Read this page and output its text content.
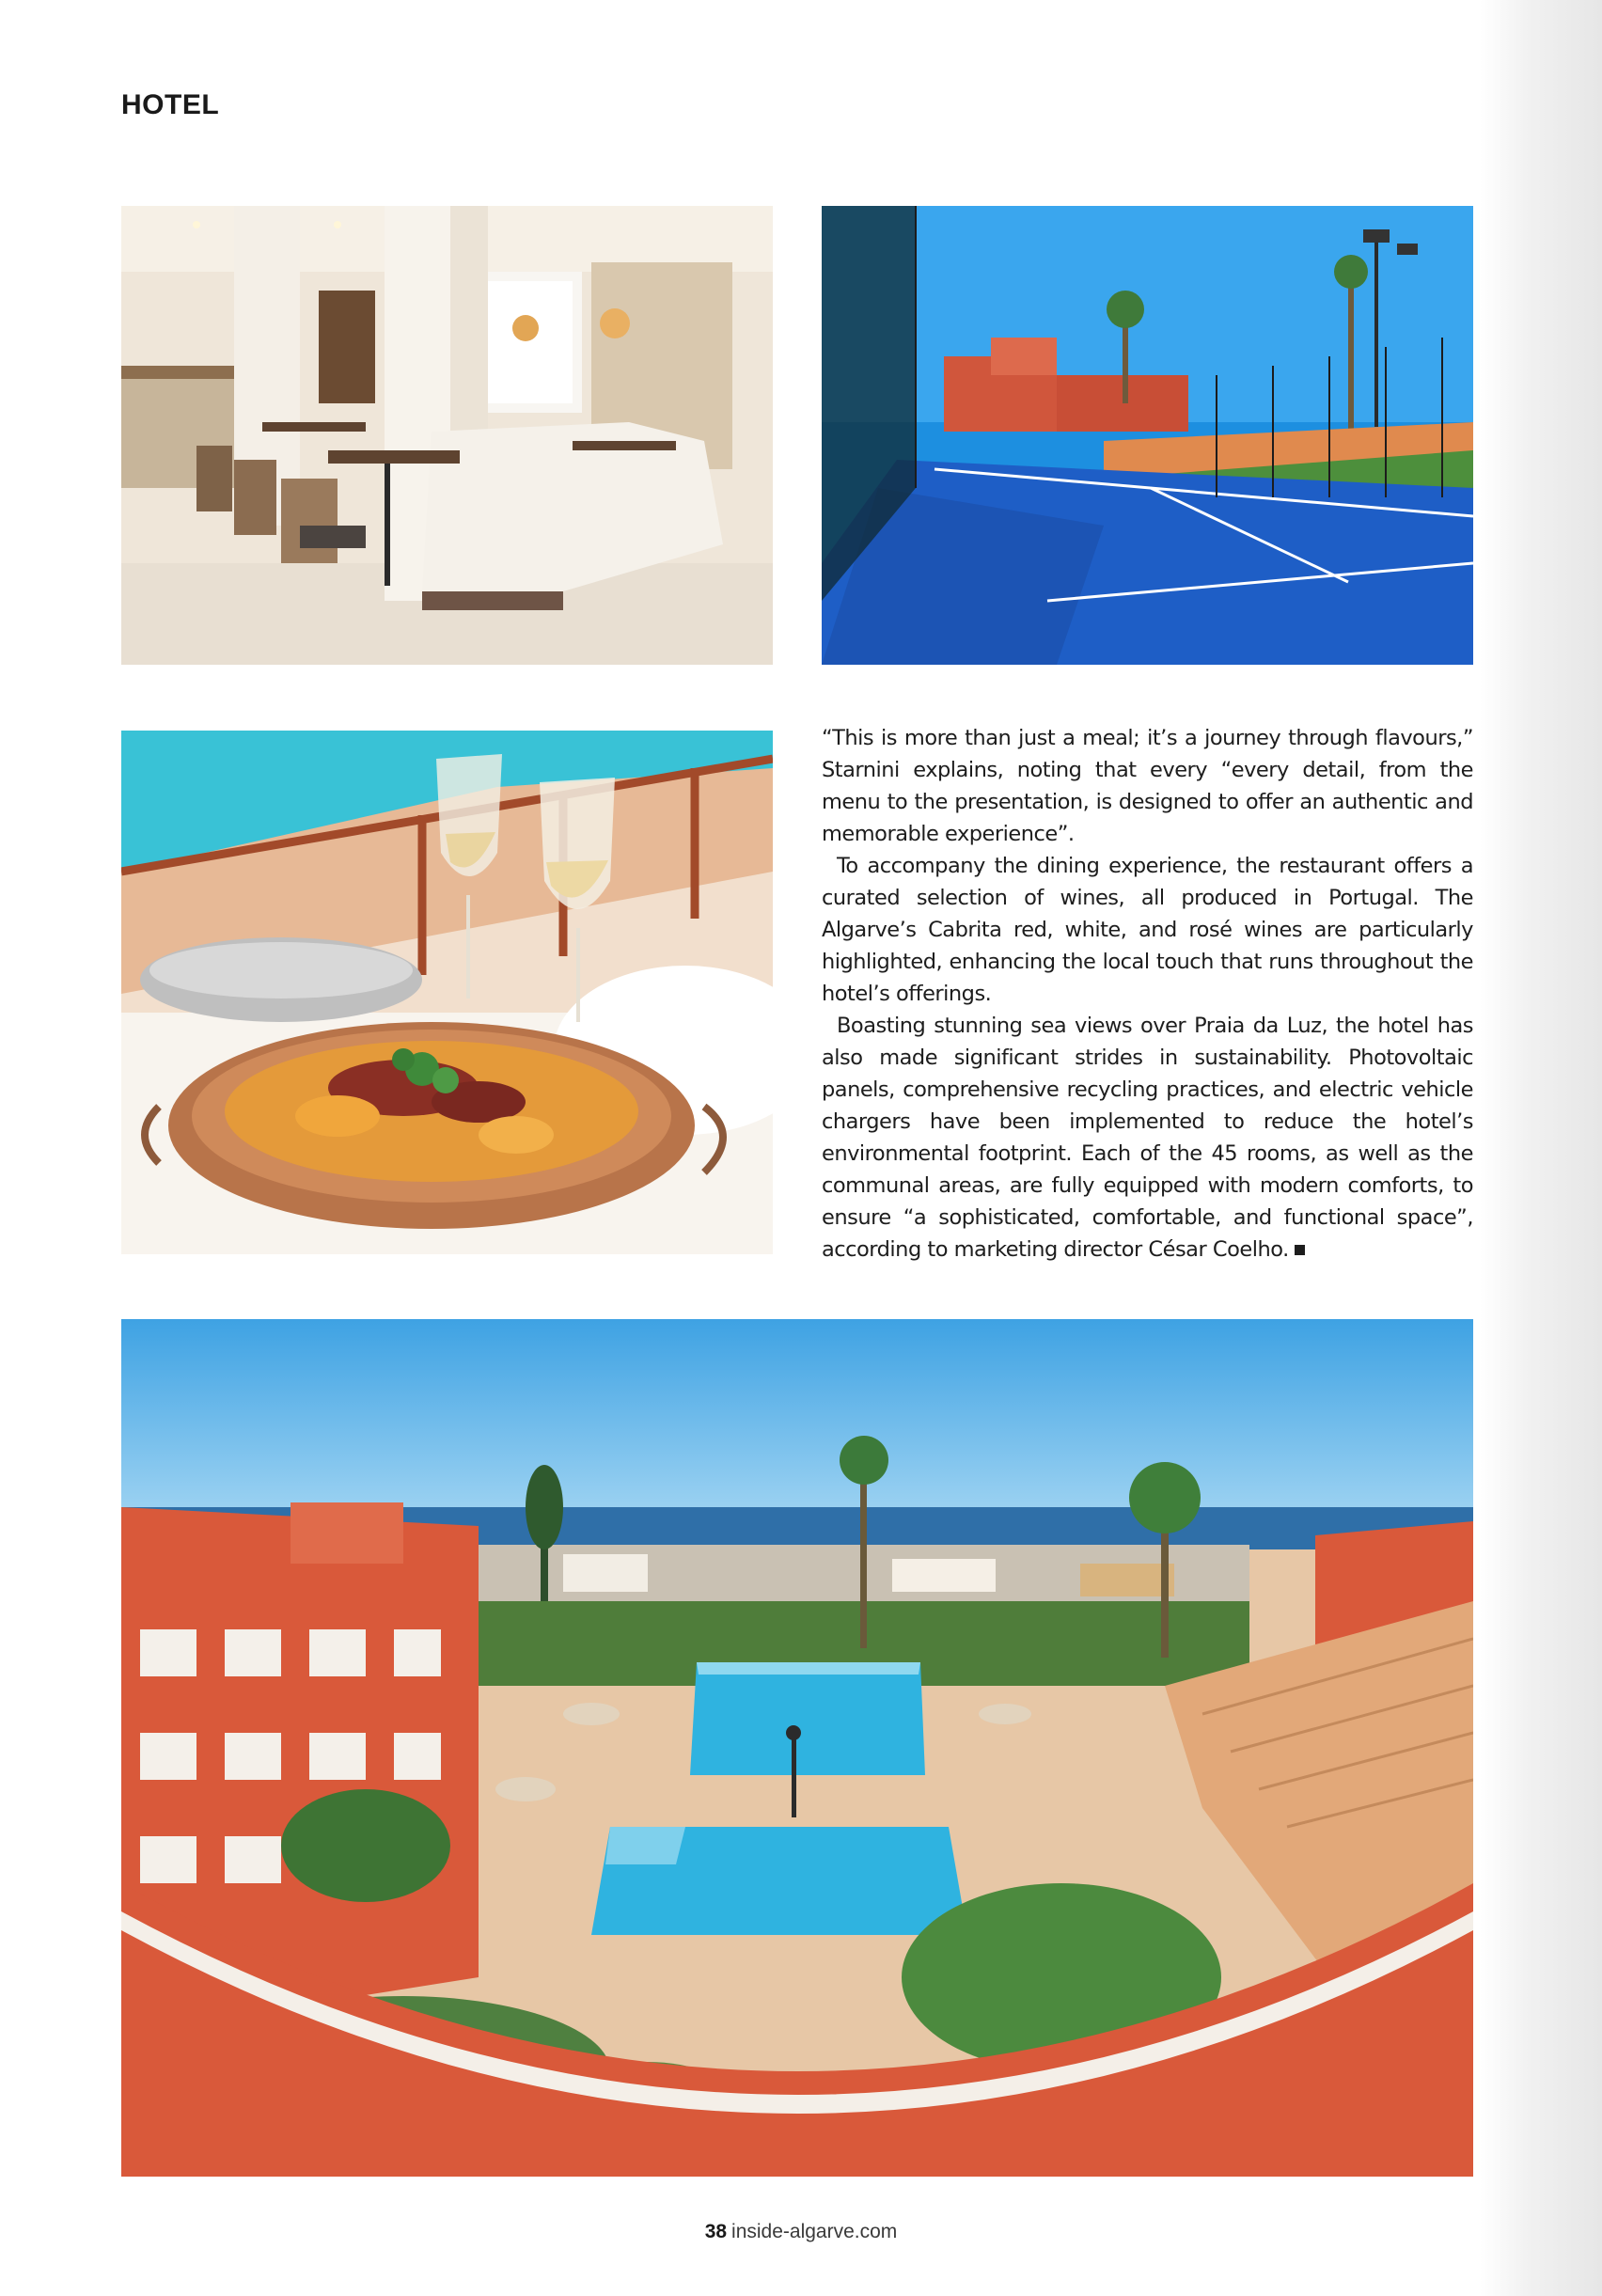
HOTEL

“This is more than just a meal; it’s a journey through flavours,” Starnini explains, noting that every “every detail, from the menu to the presentation, is designed to offer an authentic and memorable experience”.

To accompany the dining experience, the restaurant offers a curated selection of wines, all produced in Portugal. The Algarve’s Cabrita red, white, and rosé wines are particularly highlighted, enhancing the local touch that runs throughout the hotel’s offerings.

Boasting stunning sea views over Praia da Luz, the hotel has also made significant strides in sustainability. Photovoltaic panels, comprehensive recycling practices, and electric vehicle chargers have been implemented to reduce the hotel’s environmental footprint. Each of the 45 rooms, as well as the communal areas, are fully equipped with modern comforts, to ensure “a sophisticated, comfortable, and functional space”, according to marketing director César Coelho.

38 inside-algarve.com
